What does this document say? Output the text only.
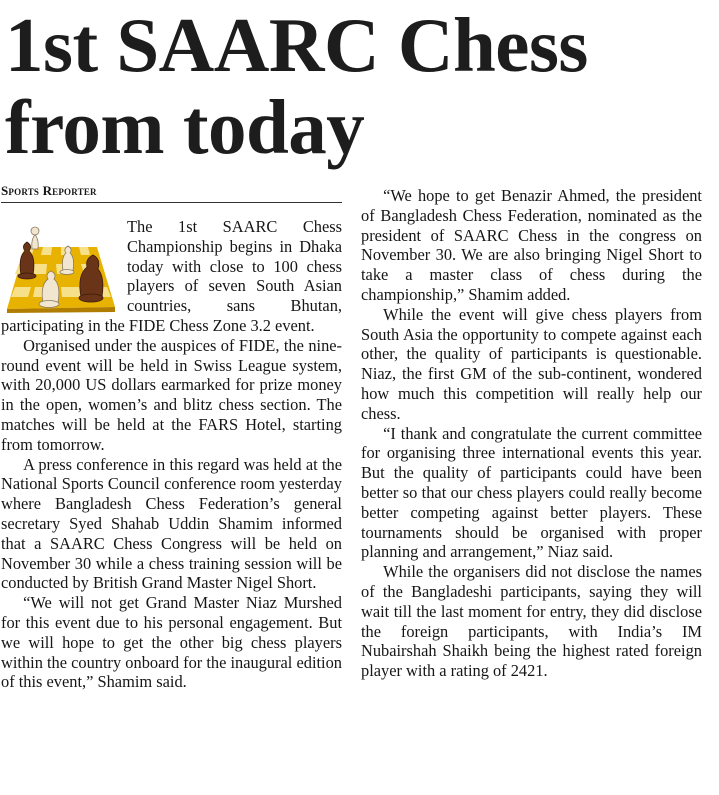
1st SAARC Chess from today
Sports Reporter

The 1st SAARC Chess Championship begins in Dhaka today with close to 100 chess players of seven South Asian countries, sans Bhutan, participating in the FIDE Chess Zone 3.2 event.

Organised under the auspices of FIDE, the nine-round event will be held in Swiss League system, with 20,000 US dollars earmarked for prize money in the open, women’s and blitz chess section. The matches will be held at the FARS Hotel, starting from tomorrow.

A press conference in this regard was held at the National Sports Council conference room yesterday where Bangladesh Chess Federation’s general secretary Syed Shahab Uddin Shamim informed that a SAARC Chess Congress will be held on November 30 while a chess training session will be conducted by British Grand Master Nigel Short.

“We will not get Grand Master Niaz Murshed for this event due to his personal engagement. But we will hope to get the other big chess players within the country onboard for the inaugural edition of this event,” Shamim said.

“We hope to get Benazir Ahmed, the president of Bangladesh Chess Federation, nominated as the president of SAARC Chess in the congress on November 30. We are also bringing Nigel Short to take a master class of chess during the championship,” Shamim added.

While the event will give chess players from South Asia the opportunity to compete against each other, the quality of participants is questionable. Niaz, the first GM of the sub-continent, wondered how much this competition will really help our chess.

“I thank and congratulate the current committee for organising three international events this year. But the quality of participants could have been better so that our chess players could really become better competing against better players. These tournaments should be organised with proper planning and arrangement,” Niaz said.

While the organisers did not disclose the names of the Bangladeshi participants, saying they will wait till the last moment for entry, they did disclose the foreign participants, with India’s IM Nubairshah Shaikh being the highest rated foreign player with a rating of 2421.
